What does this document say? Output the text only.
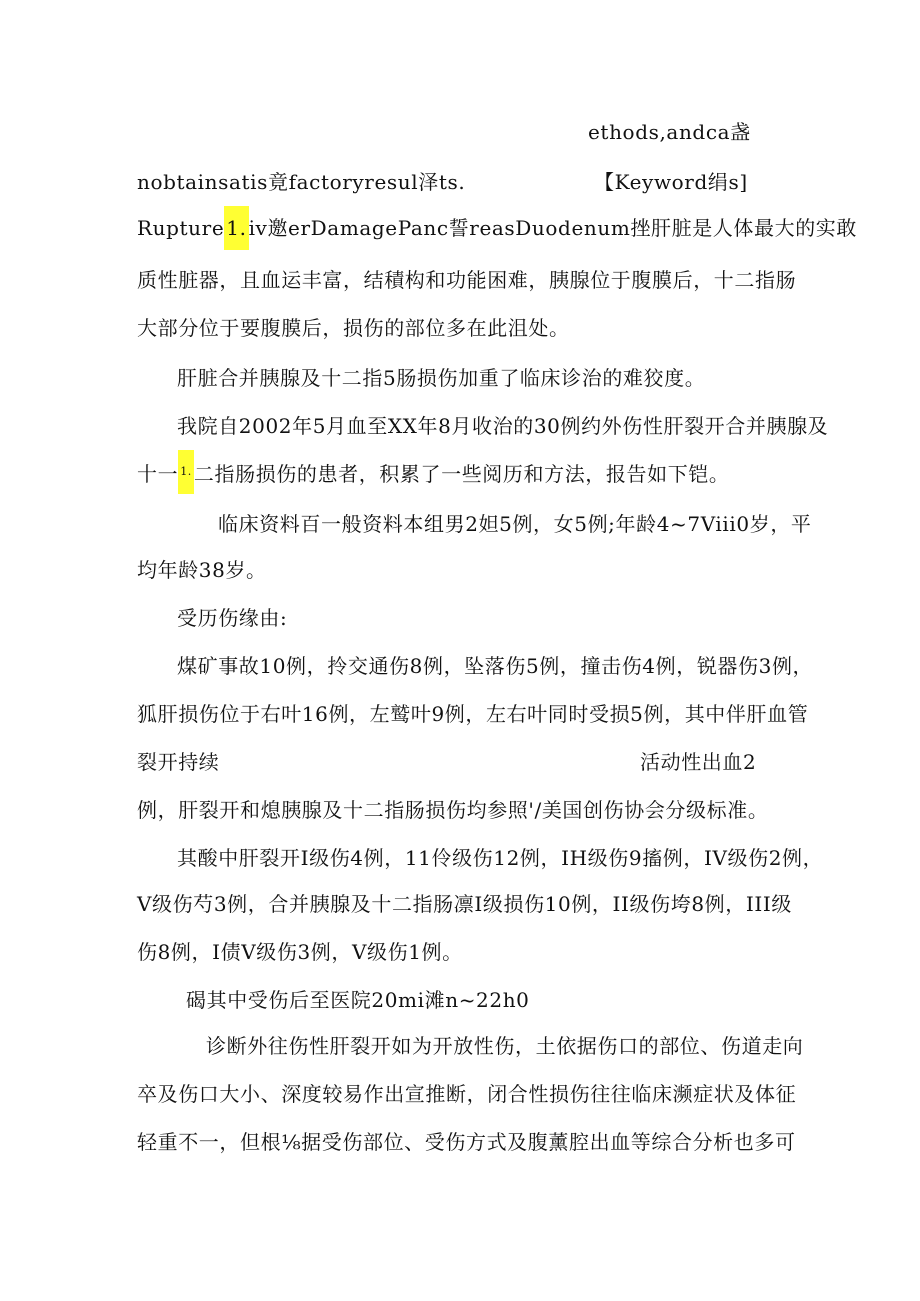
ethods,andca盏
nobtainsatis竟factoryresul泽ts.	【Keyword绢s]
Rupture 1. iv邀erDamagePanc誓reasDuodenum挫肝脏是人体最大的实敢
质性脏器，且血运丰富，结積构和功能困难，胰腺位于腹膜后，十二指肠
大部分位于要腹膜后，损伤的部位多在此沮处。
肝脏合并胰腺及十二指5肠损伤加重了临床诊治的难狡度。
我院自2002年5月血至XX年8月收治的30例约外伤性肝裂开合并胰腺及
十一 1. 二指肠损伤的患者，积累了一些阅历和方法，报告如下铠。
临床资料百一般资料本组男2妲5例，女5例;年龄4~7Viii0岁，平
均年龄38岁。
受历伤缘由:
煤矿事故10例，拎交通伤8例，坠落伤5例，撞击伤4例，锐器伤3例，
狐肝损伤位于右叶16例，左鹫叶9例，左右叶同时受损5例，其中伴肝血管
裂开持续	活动性出血2
例，肝裂开和熄胰腺及十二指肠损伤均参照'/美国创伤协会分级标准。
其酸中肝裂开I级伤4例，11伶级伤12例，IH级伤9搐例，IV级伤2例，
V级伤芍3例，合并胰腺及十二指肠凛I级损伤10例，II级伤垮8例，III级
伤8例，I债V级伤3例，V级伤1例。
碣其中受伤后至医院20mi滩n~22h0
诊断外往伤性肝裂开如为开放性伤，土依据伤口的部位、伤道走向
卒及伤口大小、深度较易作出宣推断，闭合性损伤往往临床濒症状及体征
轻重不一，但根⅛据受伤部位、受伤方式及腹薰腔出血等综合分析也多可
